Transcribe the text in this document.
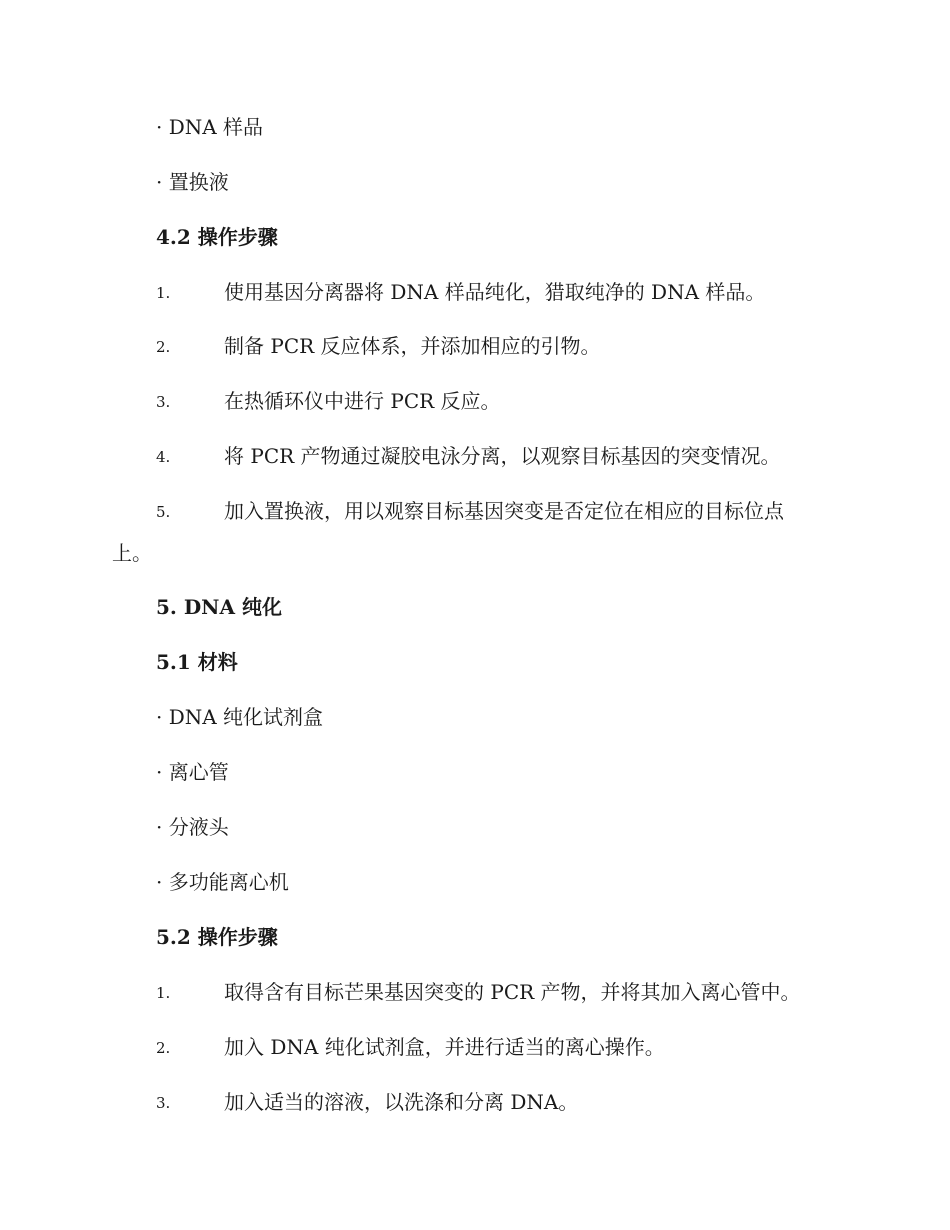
· DNA 样品
· 置换液
4.2 操作步骤
1.	使用基因分离器将 DNA 样品纯化，猎取纯净的 DNA 样品。
2.	制备 PCR 反应体系，并添加相应的引物。
3.	在热循环仪中进行 PCR 反应。
4.	将 PCR 产物通过凝胶电泳分离，以观察目标基因的突变情况。
5.	加入置换液，用以观察目标基因突变是否定位在相应的目标位点
上。
5. DNA 纯化
5.1 材料
· DNA 纯化试剂盒
· 离心管
· 分液头
· 多功能离心机
5.2 操作步骤
1.	取得含有目标芒果基因突变的 PCR 产物，并将其加入离心管中。
2.	加入 DNA 纯化试剂盒，并进行适当的离心操作。
3.	加入适当的溶液，以洗涤和分离 DNA。
